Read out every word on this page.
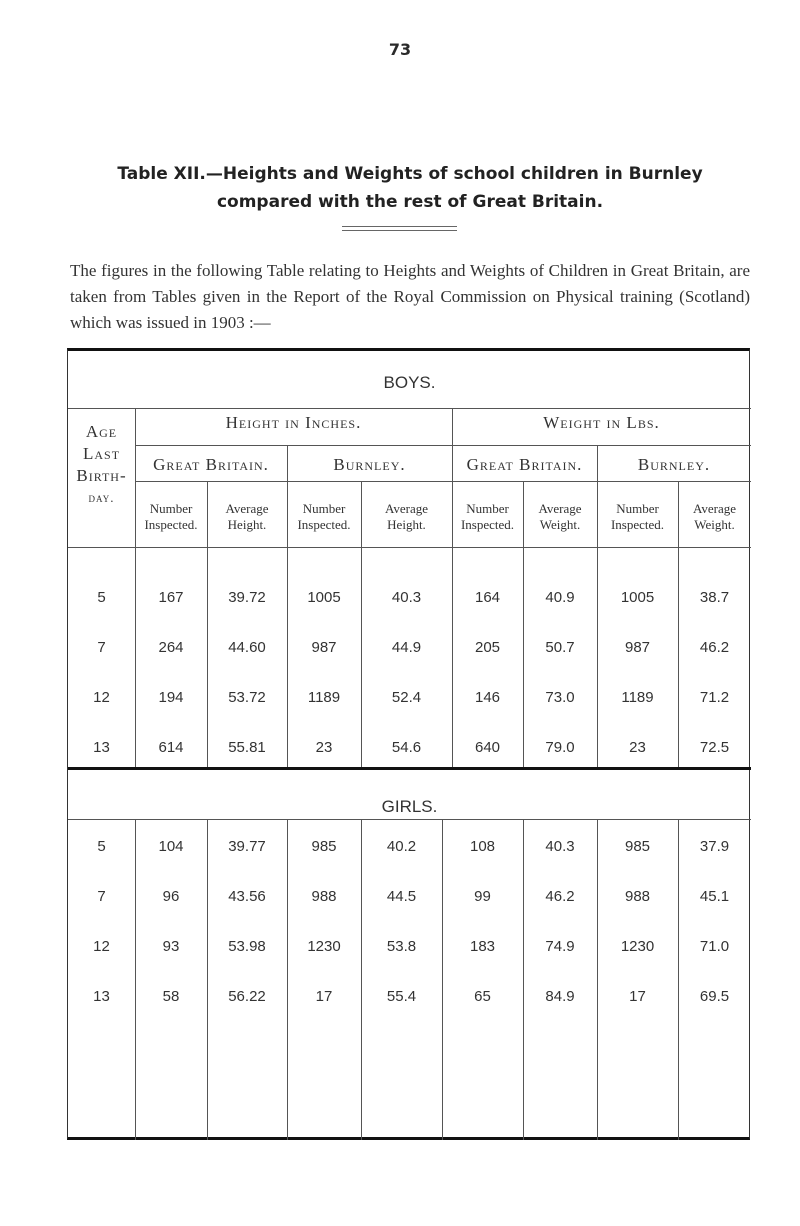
73
Table XII.—Heights and Weights of school children in Burnley compared with the rest of Great Britain.
The figures in the following Table relating to Heights and Weights of Children in Great Britain, are taken from Tables given in the Report of the Royal Commission on Physical training (Scotland) which was issued in 1903 :—
BOYS.
GIRLS.
Age
Last
Birth-
day.
Height in Inches.	Weight in Lbs.
Great Britain.	Burnley.	Great Britain.	Burnley.
Number
Inspected.
Average
Height.
Number
Inspected.
Average
Height.
Number
Inspected.
Average
Weight.
Number
Inspected.
Average
Weight.
5	167	39.72	1005	40.3	164	40.9	1005	38.7
7	264	44.60	987	44.9	205	50.7	987	46.2
12	194	53.72	1189	52.4	146	73.0	1189	71.2
13	614	55.81	23	54.6	640	79.0	23	72.5
5	104	39.77	985	40.2	108	40.3	985	37.9
7	96	43.56	988	44.5	99	46.2	988	45.1
12	93	53.98	1230	53.8	183	74.9	1230	71.0
13	58	56.22	17	55.4	65	84.9	17	69.5
